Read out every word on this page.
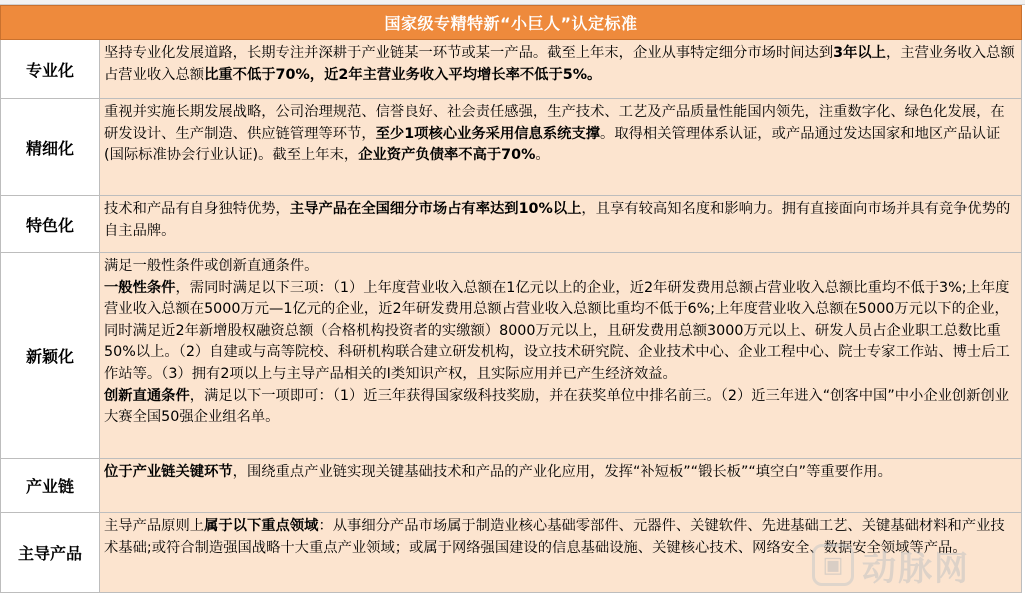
国家级专精特新“小巨人”认定标准
专业化
坚持专业化发展道路，长期专注并深耕于产业链某一环节或某一产品。截至上年末，企业从事特定细分市场时间达到3年以上，主营业务收入总额占营业收入总额比重不低于70%，近2年主营业务收入平均增长率不低于5%。
精细化
重视并实施长期发展战略，公司治理规范、信誉良好、社会责任感强，生产技术、工艺及产品质量性能国内领先，注重数字化、绿色化发展，在研发设计、生产制造、供应链管理等环节，至少1项核心业务采用信息系统支撑。取得相关管理体系认证，或产品通过发达国家和地区产品认证(国际标准协会行业认证)。截至上年末，企业资产负债率不高于70%。
特色化
技术和产品有自身独特优势，主导产品在全国细分市场占有率达到10%以上，且享有较高知名度和影响力。拥有直接面向市场并具有竞争优势的自主品牌。
新颖化
满足一般性条件或创新直通条件。
一般性条件，需同时满足以下三项：（1）上年度营业收入总额在1亿元以上的企业，近2年研发费用总额占营业收入总额比重均不低于3%;上年度营业收入总额在5000万元—1亿元的企业，近2年研发费用总额占营业收入总额比重均不低于6%;上年度营业收入总额在5000万元以下的企业，同时满足近2年新增股权融资总额（合格机构投资者的实缴额）8000万元以上，且研发费用总额3000万元以上、研发人员占企业职工总数比重50%以上。（2）自建或与高等院校、科研机构联合建立研发机构，设立技术研究院、企业技术中心、企业工程中心、院士专家工作站、博士后工作站等。（3）拥有2项以上与主导产品相关的Ⅰ类知识产权，且实际应用并已产生经济效益。
创新直通条件，满足以下一项即可：（1）近三年获得国家级科技奖励，并在获奖单位中排名前三。（2）近三年进入“创客中国”中小企业创新创业大赛全国50强企业组名单。
产业链
位于产业链关键环节，围绕重点产业链实现关键基础技术和产品的产业化应用，发挥“补短板”“锻长板”“填空白”等重要作用。
主导产品
主导产品原则上属于以下重点领域：从事细分产品市场属于制造业核心基础零部件、元器件、关键软件、先进基础工艺、关键基础材料和产业技术基础;或符合制造强国战略十大重点产业领域；或属于网络强国建设的信息基础设施、关键核心技术、网络安全、数据安全领域等产品。
▣ 动脉网
